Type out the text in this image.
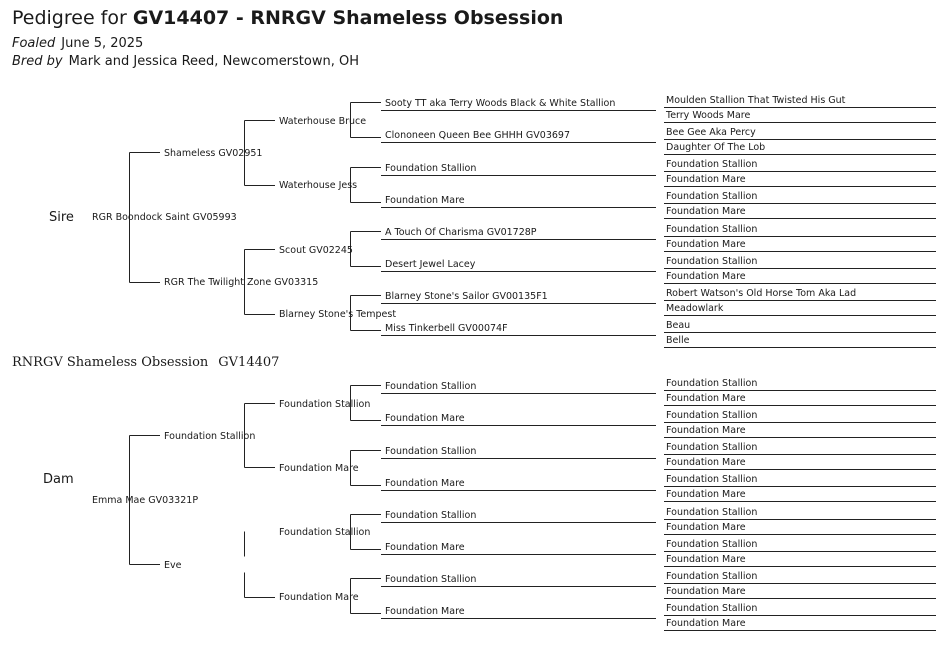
Pedigree for GV14407 - RNRGV Shameless Obsession
Foaled June 5, 2025
Bred by Mark and Jessica Reed, Newcomerstown, OH
Sire RGR Boondock Saint GV05993
Shameless GV02951
RGR The Twilight Zone GV03315
Waterhouse Bruce
Waterhouse Jess
Scout GV02245
Blarney Stone's Tempest
Sooty TT aka Terry Woods Black & White Stallion
Clononeen Queen Bee GHHH GV03697
Foundation Stallion
Foundation Mare
A Touch Of Charisma GV01728P
Desert Jewel Lacey
Blarney Stone's Sailor GV00135F1
Miss Tinkerbell GV00074F
Moulden Stallion That Twisted His Gut
Terry Woods Mare
Bee Gee Aka Percy
Daughter Of The Lob
Foundation Stallion
Foundation Mare
Foundation Stallion
Foundation Mare
Foundation Stallion
Foundation Mare
Foundation Stallion
Foundation Mare
Robert Watson's Old Horse Tom Aka Lad
Meadowlark
Beau
Belle
RNRGV Shameless Obsession GV14407
Dam
Emma Mae GV03321P
Foundation Stallion
Eve
Foundation Stallion
Foundation Mare
Foundation Stallion
Foundation Mare
Foundation Stallion
Foundation Mare
Foundation Stallion
Foundation Mare
Foundation Stallion
Foundation Mare
Foundation Stallion
Foundation Mare
Foundation Stallion
Foundation Mare
Foundation Stallion
Foundation Mare
Foundation Stallion
Foundation Mare
Foundation Stallion
Foundation Mare
Foundation Stallion
Foundation Mare
Foundation Stallion
Foundation Mare
Foundation Stallion
Foundation Mare
Foundation Stallion
Foundation Mare
